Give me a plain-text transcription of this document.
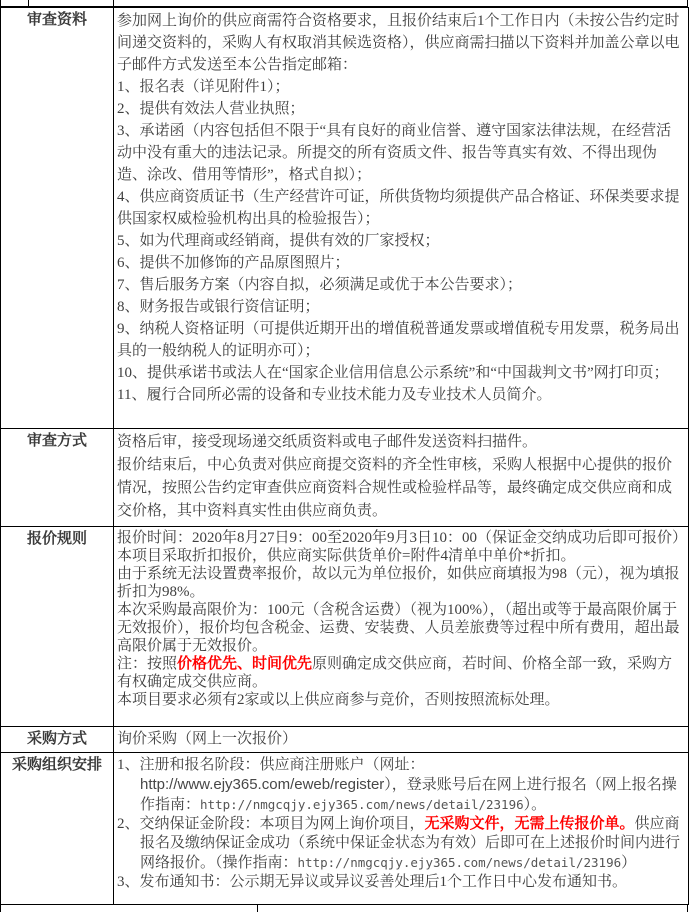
审查资料	参加网上询价的供应商需符合资格要求，且报价结束后1个工作日内（未按公告约定时间递交资料的，采购人有权取消其候选资格），供应商需扫描以下资料并加盖公章以电子邮件方式发送至本公告指定邮箱：

1、报名表（详见附件1）；

2、提供有效法人营业执照；

3、承诺函（内容包括但不限于“具有良好的商业信誉、遵守国家法律法规，在经营活动中没有重大的违法记录。所提交的所有资质文件、报告等真实有效、不得出现伪造、涂改、借用等情形”，格式自拟）；

4、供应商资质证书（生产经营许可证，所供货物均须提供产品合格证、环保类要求提供国家权威检验机构出具的检验报告）；

5、如为代理商或经销商，提供有效的厂家授权；

6、提供不加修饰的产品原图照片；

7、售后服务方案（内容自拟，必须满足或优于本公告要求）；

8、财务报告或银行资信证明；

9、纳税人资格证明（可提供近期开出的增值税普通发票或增值税专用发票，税务局出具的一般纳税人的证明亦可）；

10、提供承诺书或法人在“国家企业信用信息公示系统”和“中国裁判文书”网打印页；

11、履行合同所必需的设备和专业技术能力及专业技术人员简介。

审查方式	资格后审，接受现场递交纸质资料或电子邮件发送资料扫描件。

报价结束后，中心负责对供应商提交资料的齐全性审核，采购人根据中心提供的报价情况，按照公告约定审查供应商资料合规性或检验样品等，最终确定成交供应商和成交价格，其中资料真实性由供应商负责。

报价规则	报价时间：2020年8月27日9：00至2020年9月3日10：00（保证金交纳成功后即可报价）

本项目采取折扣报价，供应商实际供货单价=附件4清单中单价*折扣。

由于系统无法设置费率报价，故以元为单位报价，如供应商填报为98（元），视为填报折扣为98%。

本次采购最高限价为：100元（含税含运费）（视为100%），（超出或等于最高限价属于无效报价），报价均包含税金、运费、安装费、人员差旅费等过程中所有费用，超出最高限价属于无效报价。

注：按照价格优先、时间优先原则确定成交供应商，若时间、价格全部一致，采购方有权确定成交供应商。

本项目要求必须有2家或以上供应商参与竞价，否则按照流标处理。

采购方式	询价采购（网上一次报价）

采购组织安排	1、注册和报名阶段：供应商注册账户（网址：http://www.ejy365.com/eweb/register），登录账号后在网上进行报名（网上报名操作指南：http://nmgcqjy.ejy365.com/news/detail/23196）。

2、交纳保证金阶段：本项目为网上询价项目，无采购文件，无需上传报价单。供应商报名及缴纳保证金成功（系统中保证金状态为有效）后即可在上述报价时间内进行网络报价。（操作指南：http://nmgcqjy.ejy365.com/news/detail/23196）

3、发布通知书：公示期无异议或异议妥善处理后1个工作日中心发布通知书。
